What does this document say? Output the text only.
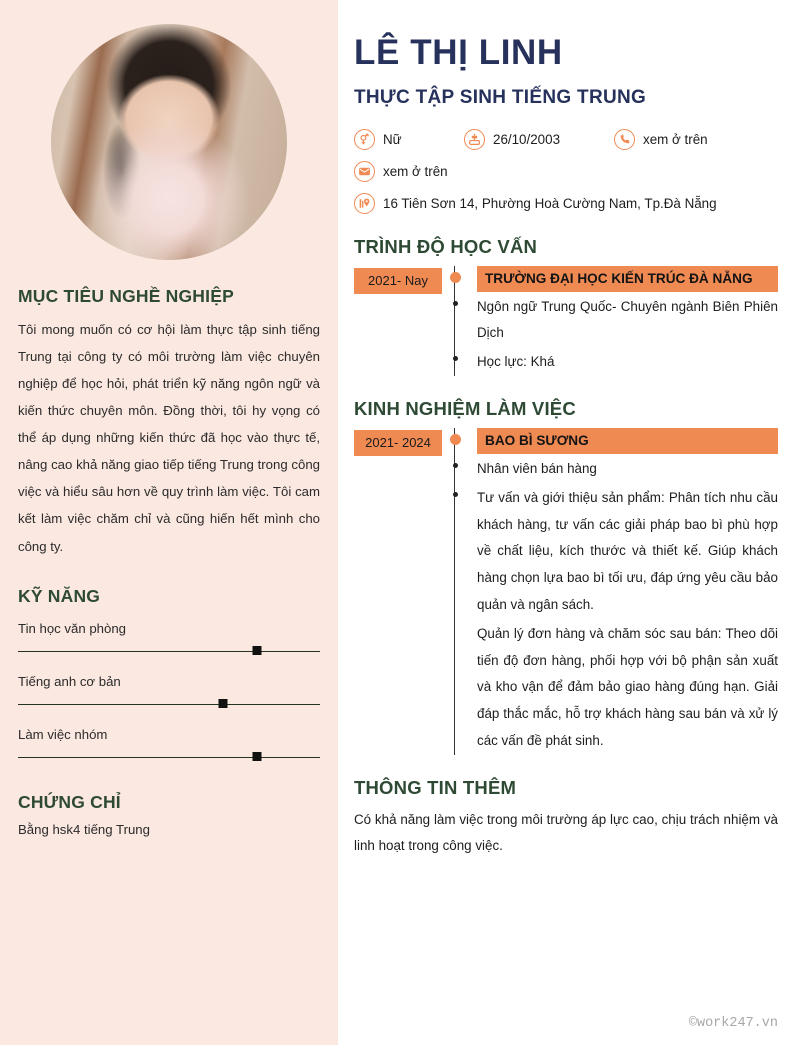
MỤC TIÊU NGHỀ NGHIỆP
Tôi mong muốn có cơ hội làm thực tập sinh tiếng Trung tại công ty có môi trường làm việc chuyên nghiệp để học hỏi, phát triển kỹ năng ngôn ngữ và kiến thức chuyên môn. Đồng thời, tôi hy vọng có thể áp dụng những kiến thức đã học vào thực tế, nâng cao khả năng giao tiếp tiếng Trung trong công việc và hiểu sâu hơn về quy trình làm việc. Tôi cam kết làm việc chăm chỉ và cũng hiến hết mình cho công ty.
KỸ NĂNG
Tin học văn phòng
Tiếng anh cơ bản
Làm việc nhóm
CHỨNG CHỈ
Bằng hsk4 tiếng Trung
LÊ THỊ LINH
THỰC TẬP SINH TIẾNG TRUNG
Nữ	26/10/2003	xem ở trên
xem ở trên
16 Tiên Sơn 14, Phường Hoà Cường Nam, Tp.Đà Nẵng
TRÌNH ĐỘ HỌC VẤN
2021- Nay	TRƯỜNG ĐẠI HỌC KIẾN TRÚC ĐÀ NẴNG
Ngôn ngữ Trung Quốc- Chuyên ngành Biên Phiên Dịch
Học lực: Khá
KINH NGHIỆM LÀM VIỆC
2021- 2024	BAO BÌ SƯƠNG
Nhân viên bán hàng
Tư vấn và giới thiệu sản phẩm: Phân tích nhu cầu khách hàng, tư vấn các giải pháp bao bì phù hợp về chất liệu, kích thước và thiết kế. Giúp khách hàng chọn lựa bao bì tối ưu, đáp ứng yêu cầu bảo quản và ngân sách.
Quản lý đơn hàng và chăm sóc sau bán: Theo dõi tiến độ đơn hàng, phối hợp với bộ phận sản xuất và kho vận để đảm bảo giao hàng đúng hạn. Giải đáp thắc mắc, hỗ trợ khách hàng sau bán và xử lý các vấn đề phát sinh.
THÔNG TIN THÊM
Có khả năng làm việc trong môi trường áp lực cao, chịu trách nhiệm và linh hoạt trong công việc.
©work247.vn
